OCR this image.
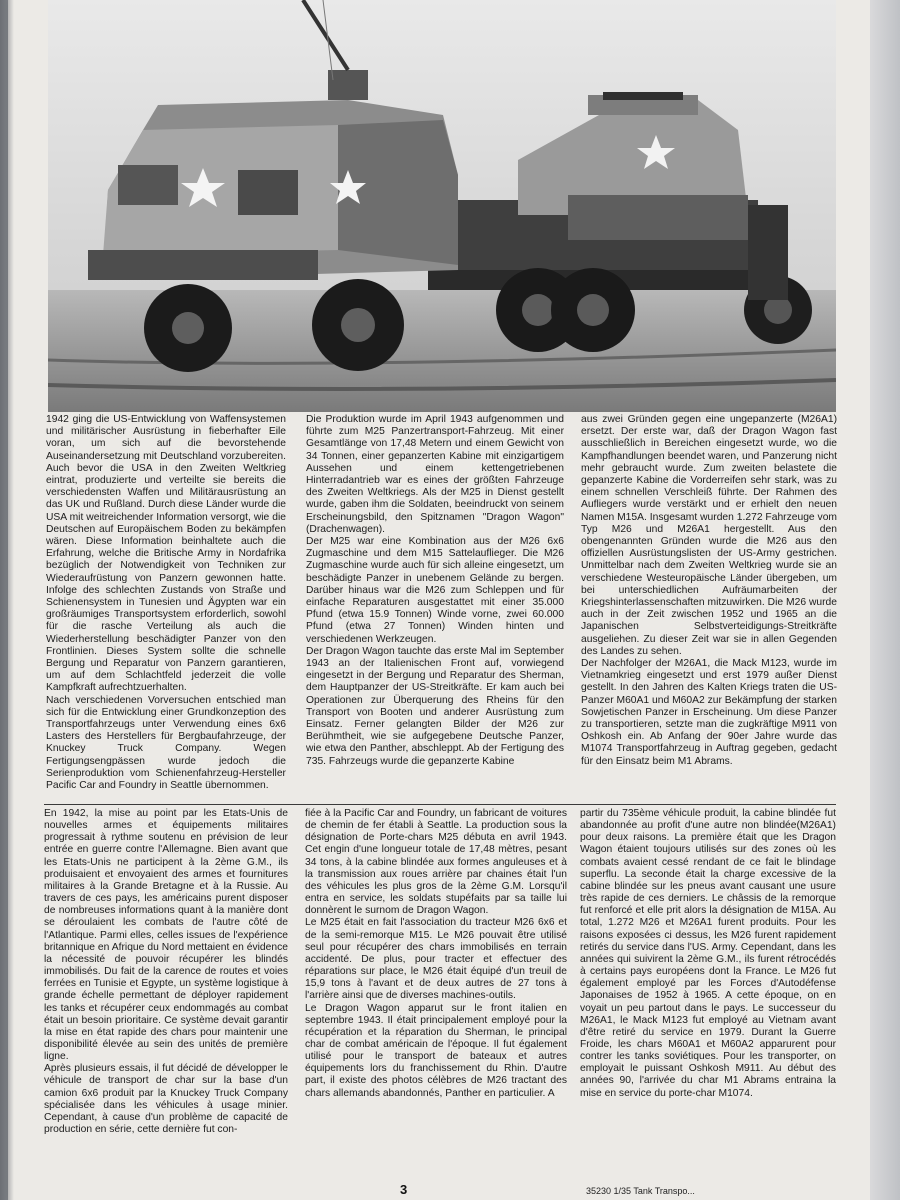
1942 ging die US-Entwicklung von Waffensystemen und militärischer Ausrüstung in fieberhafter Eile voran, um sich auf die bevorstehende Auseinandersetzung mit Deutschland vorzubereiten. Auch bevor die USA in den Zweiten Weltkrieg eintrat, produzierte und verteilte sie bereits die verschiedensten Waffen und Militärausrüstung an das UK und Rußland. Durch diese Länder wurde die USA mit weitreichender Information versorgt, wie die Deutschen auf Europäischem Boden zu bekämpfen wären. Diese Information beinhaltete auch die Erfahrung, welche die Britische Army in Nordafrika bezüglich der Notwendigkeit von Techniken zur Wiederaufrüstung von Panzern gewonnen hatte. Infolge des schlechten Zustands von Straße und Schienensystem in Tunesien und Ägypten war ein großräumiges Transportsystem erforderlich, sowohl für die rasche Verteilung als auch die Wiederherstellung beschädigter Panzer von den Frontlinien. Dieses System sollte die schnelle Bergung und Reparatur von Panzern garantieren, um auf dem Schlachtfeld jederzeit die volle Kampfkraft aufrechtzuerhalten.
Nach verschiedenen Vorversuchen entschied man sich für die Entwicklung einer Grundkonzeption des Transportfahrzeugs unter Verwendung eines 6x6 Lasters des Herstellers für Bergbaufahrzeuge, der Knuckey Truck Company. Wegen Fertigungsengpässen wurde jedoch die Serienproduktion vom Schienenfahrzeug-Hersteller Pacific Car and Foundry in Seattle übernommen.
Die Produktion wurde im April 1943 aufgenommen und führte zum M25 Panzertransport-Fahrzeug. Mit einer Gesamtlänge von 17,48 Metern und einem Gewicht von 34 Tonnen, einer gepanzerten Kabine mit einzigartigem Aussehen und einem kettengetriebenen Hinterradantrieb war es eines der größten Fahrzeuge des Zweiten Weltkriegs. Als der M25 in Dienst gestellt wurde, gaben ihm die Soldaten, beeindruckt von seinem Erscheinungsbild, den Spitznamen "Dragon Wagon" (Drachenwagen).
Der M25 war eine Kombination aus der M26 6x6 Zugmaschine und dem M15 Sattelauflieger. Die M26 Zugmaschine wurde auch für sich alleine eingesetzt, um beschädigte Panzer in unebenem Gelände zu bergen. Darüber hinaus war die M26 zum Schleppen und für einfache Reparaturen ausgestattet mit einer 35.000 Pfund (etwa 15.9 Tonnen) Winde vorne, zwei 60.000 Pfund (etwa 27 Tonnen) Winden hinten und verschiedenen Werkzeugen.
Der Dragon Wagon tauchte das erste Mal im September 1943 an der Italienischen Front auf, vorwiegend eingesetzt in der Bergung und Reparatur des Sherman, dem Hauptpanzer der US-Streitkräfte. Er kam auch bei Operationen zur Überquerung des Rheins für den Transport von Booten und anderer Ausrüstung zum Einsatz. Ferner gelangten Bilder der M26 zur Berühmtheit, wie sie aufgegebene Deutsche Panzer, wie etwa den Panther, abschleppt. Ab der Fertigung des 735. Fahrzeugs wurde die gepanzerte Kabine
aus zwei Gründen gegen eine ungepanzerte (M26A1) ersetzt. Der erste war, daß der Dragon Wagon fast ausschließlich in Bereichen eingesetzt wurde, wo die Kampfhandlungen beendet waren, und Panzerung nicht mehr gebraucht wurde. Zum zweiten belastete die gepanzerte Kabine die Vorderreifen sehr stark, was zu einem schnellen Verschleiß führte. Der Rahmen des Aufliegers wurde verstärkt und er erhielt den neuen Namen M15A. Insgesamt wurden 1.272 Fahrzeuge vom Typ M26 und M26A1 hergestellt. Aus den obengenannten Gründen wurde die M26 aus den offiziellen Ausrüstungslisten der US-Army gestrichen. Unmittelbar nach dem Zweiten Weltkrieg wurde sie an verschiedene Westeuropäische Länder übergeben, um bei unterschiedlichen Aufräumarbeiten der Kriegshinterlassenschaften mitzuwirken. Die M26 wurde auch in der Zeit zwischen 1952 und 1965 an die Japanischen Selbstverteidigungs-Streitkräfte ausgeliehen. Zu dieser Zeit war sie in allen Gegenden des Landes zu sehen.
Der Nachfolger der M26A1, die Mack M123, wurde im Vietnamkrieg eingesetzt und erst 1979 außer Dienst gestellt. In den Jahren des Kalten Kriegs traten die US-Panzer M60A1 und M60A2 zur Bekämpfung der starken Sowjetischen Panzer in Erscheinung. Um diese Panzer zu transportieren, setzte man die zugkräftige M911 von Oshkosh ein. Ab Anfang der 90er Jahre wurde das M1074 Transportfahrzeug in Auftrag gegeben, gedacht für den Einsatz beim M1 Abrams.
En 1942, la mise au point par les Etats-Unis de nouvelles armes et équipements militaires progressait à rythme soutenu en prévision de leur entrée en guerre contre l'Allemagne. Bien avant que les Etats-Unis ne participent à la 2ème G.M., ils produisaient et envoyaient des armes et fournitures militaires à la Grande Bretagne et à la Russie. Au travers de ces pays, les américains purent disposer de nombreuses informations quant à la manière dont se déroulaient les combats de l'autre côté de l'Atlantique. Parmi elles, celles issues de l'expérience britannique en Afrique du Nord mettaient en évidence la nécessité de pouvoir récupérer les blindés immobilisés. Du fait de la carence de routes et voies ferrées en Tunisie et Egypte, un système logistique à grande échelle permettant de déployer rapidement les tanks et récupérer ceux endommagés au combat était un besoin prioritaire. Ce système devait garantir la mise en état rapide des chars pour maintenir une disponibilité élevée au sein des unités de première ligne.
Après plusieurs essais, il fut décidé de développer le véhicule de transport de char sur la base d'un camion 6x6 produit par la Knuckey Truck Company spécialisée dans les véhicules à usage minier. Cependant, à cause d'un problème de capacité de production en série, cette dernière fut con-
fiée à la Pacific Car and Foundry, un fabricant de voitures de chemin de fer établi à Seattle. La production sous la désignation de Porte-chars M25 débuta en avril 1943. Cet engin d'une longueur totale de 17,48 mètres, pesant 34 tons, à la cabine blindée aux formes anguleuses et à la transmission aux roues arrière par chaines était l'un des véhicules les plus gros de la 2ème G.M. Lorsqu'il entra en service, les soldats stupéfaits par sa taille lui donnèrent le surnom de Dragon Wagon.
Le M25 était en fait l'association du tracteur M26 6x6 et de la semi-remorque M15. Le M26 pouvait être utilisé seul pour récupérer des chars immobilisés en terrain accidenté. De plus, pour tracter et effectuer des réparations sur place, le M26 était équipé d'un treuil de 15,9 tons à l'avant et de deux autres de 27 tons à l'arrière ainsi que de diverses machines-outils.
Le Dragon Wagon apparut sur le front italien en septembre 1943. Il était principalement employé pour la récupération et la réparation du Sherman, le principal char de combat américain de l'époque. Il fut également utilisé pour le transport de bateaux et autres équipements lors du franchissement du Rhin. D'autre part, il existe des photos célèbres de M26 tractant des chars allemands abandonnés, Panther en particulier. A
partir du 735ème véhicule produit, la cabine blindée fut abandonnée au profit d'une autre non blindée(M26A1) pour deux raisons. La première était que les Dragon Wagon étaient toujours utilisés sur des zones où les combats avaient cessé rendant de ce fait le blindage superflu. La seconde était la charge excessive de la cabine blindée sur les pneus avant causant une usure très rapide de ces derniers. Le châssis de la remorque fut renforcé et elle prit alors la désignation de M15A. Au total, 1.272 M26 et M26A1 furent produits. Pour les raisons exposées ci dessus, les M26 furent rapidement retirés du service dans l'US. Army. Cependant, dans les années qui suivirent la 2ème G.M., ils furent rétrocédés à certains pays européens dont la France. Le M26 fut également employé par les Forces d'Autodéfense Japonaises de 1952 à 1965. A cette époque, on en voyait un peu partout dans le pays. Le successeur du M26A1, le Mack M123 fut employé au Vietnam avant d'être retiré du service en 1979. Durant la Guerre Froide, les chars M60A1 et M60A2 apparurent pour contrer les tanks soviétiques. Pour les transporter, on employait le puissant Oshkosh M911. Au début des années 90, l'arrivée du char M1 Abrams entraina la mise en service du porte-char M1074.
3	35230 1/35 Tank Transpo...
